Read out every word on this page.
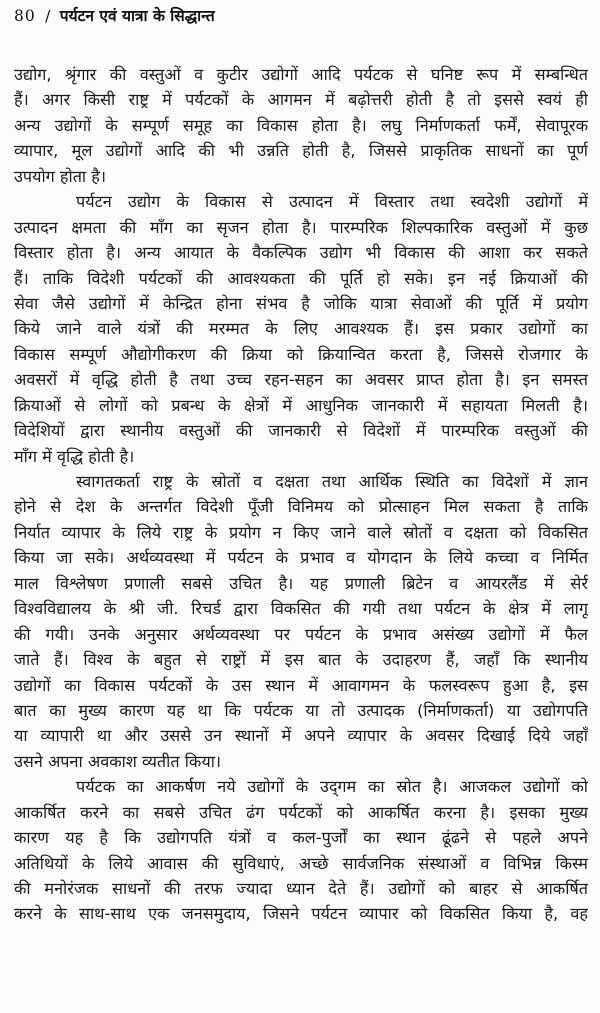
80 / पर्यटन एवं यात्रा के सिद्धान्त
उद्योग, श्रृंगार की वस्तुओं व कुटीर उद्योगों आदि पर्यटक से घनिष्ट रूप में सम्बन्धित
हैं। अगर किसी राष्ट्र में पर्यटकों के आगमन में बढ़ोत्तरी होती है तो इससे स्वयं ही
अन्य उद्योगों के सम्पूर्ण समूह का विकास होता है। लघु निर्माणकर्ता फर्में, सेवापूरक
व्यापार, मूल उद्योगों आदि की भी उन्नति होती है, जिससे प्राकृतिक साधनों का पूर्ण
उपयोग होता है।
पर्यटन उद्योग के विकास से उत्पादन में विस्तार तथा स्वदेशी उद्योगों में
उत्पादन क्षमता की माँग का सृजन होता है। पारम्परिक शिल्पकारिक वस्तुओं में कुछ
विस्तार होता है। अन्य आयात के वैकल्पिक उद्योग भी विकास की आशा कर सकते
हैं। ताकि विदेशी पर्यटकों की आवश्यकता की पूर्ति हो सके। इन नई क्रियाओं की
सेवा जैसे उद्योगों में केन्द्रित होना संभव है जोकि यात्रा सेवाओं की पूर्ति में प्रयोग
किये जाने वाले यंत्रों की मरम्मत के लिए आवश्यक हैं। इस प्रकार उद्योगों का
विकास सम्पूर्ण औद्योगीकरण की क्रिया को क्रियान्वित करता है, जिससे रोजगार के
अवसरों में वृद्धि होती है तथा उच्च रहन-सहन का अवसर प्राप्त होता है। इन समस्त
क्रियाओं से लोगों को प्रबन्ध के क्षेत्रों में आधुनिक जानकारी में सहायता मिलती है।
विदेशियों द्वारा स्थानीय वस्तुओं की जानकारी से विदेशों में पारम्परिक वस्तुओं की
माँग में वृद्धि होती है।
स्वागतकर्ता राष्ट्र के स्रोतों व दक्षता तथा आर्थिक स्थिति का विदेशों में ज्ञान
होने से देश के अन्तर्गत विदेशी पूँजी विनिमय को प्रोत्साहन मिल सकता है ताकि
निर्यात व्यापार के लिये राष्ट्र के प्रयोग न किए जाने वाले स्रोतों व दक्षता को विकसित
किया जा सके। अर्थव्यवस्था में पर्यटन के प्रभाव व योगदान के लिये कच्चा व निर्मित
माल विश्लेषण प्रणाली सबसे उचित है। यह प्रणाली ब्रिटेन व आयरलैंड में सेर्र
विश्वविद्यालय के श्री जी. रिचर्ड द्वारा विकसित की गयी तथा पर्यटन के क्षेत्र में लागू
की गयी। उनके अनुसार अर्थव्यवस्था पर पर्यटन के प्रभाव असंख्य उद्योगों में फैल
जाते हैं। विश्व के बहुत से राष्ट्रों में इस बात के उदाहरण हैं, जहाँ कि स्थानीय
उद्योगों का विकास पर्यटकों के उस स्थान में आवागमन के फलस्वरूप हुआ है, इस
बात का मुख्य कारण यह था कि पर्यटक या तो उत्पादक (निर्माणकर्ता) या उद्योगपति
या व्यापारी था और उससे उन स्थानों में अपने व्यापार के अवसर दिखाई दिये जहाँ
उसने अपना अवकाश व्यतीत किया।
पर्यटक का आकर्षण नये उद्योगों के उद्‍गम का स्रोत है। आजकल उद्योगों को
आकर्षित करने का सबसे उचित ढंग पर्यटकों को आकर्षित करना है। इसका मुख्य
कारण यह है कि उद्योगपति यंत्रों व कल-पुर्जों का स्थान ढूंढने से पहले अपने
अतिथियों के लिये आवास की सुविधाएं, अच्छे सार्वजनिक संस्थाओं व विभिन्न किस्म
की मनोरंजक साधनों की तरफ ज्यादा ध्यान देते हैं। उद्योगों को बाहर से आकर्षित
करने के साथ-साथ एक जनसमुदाय, जिसने पर्यटन व्यापार को विकसित किया है, वह
